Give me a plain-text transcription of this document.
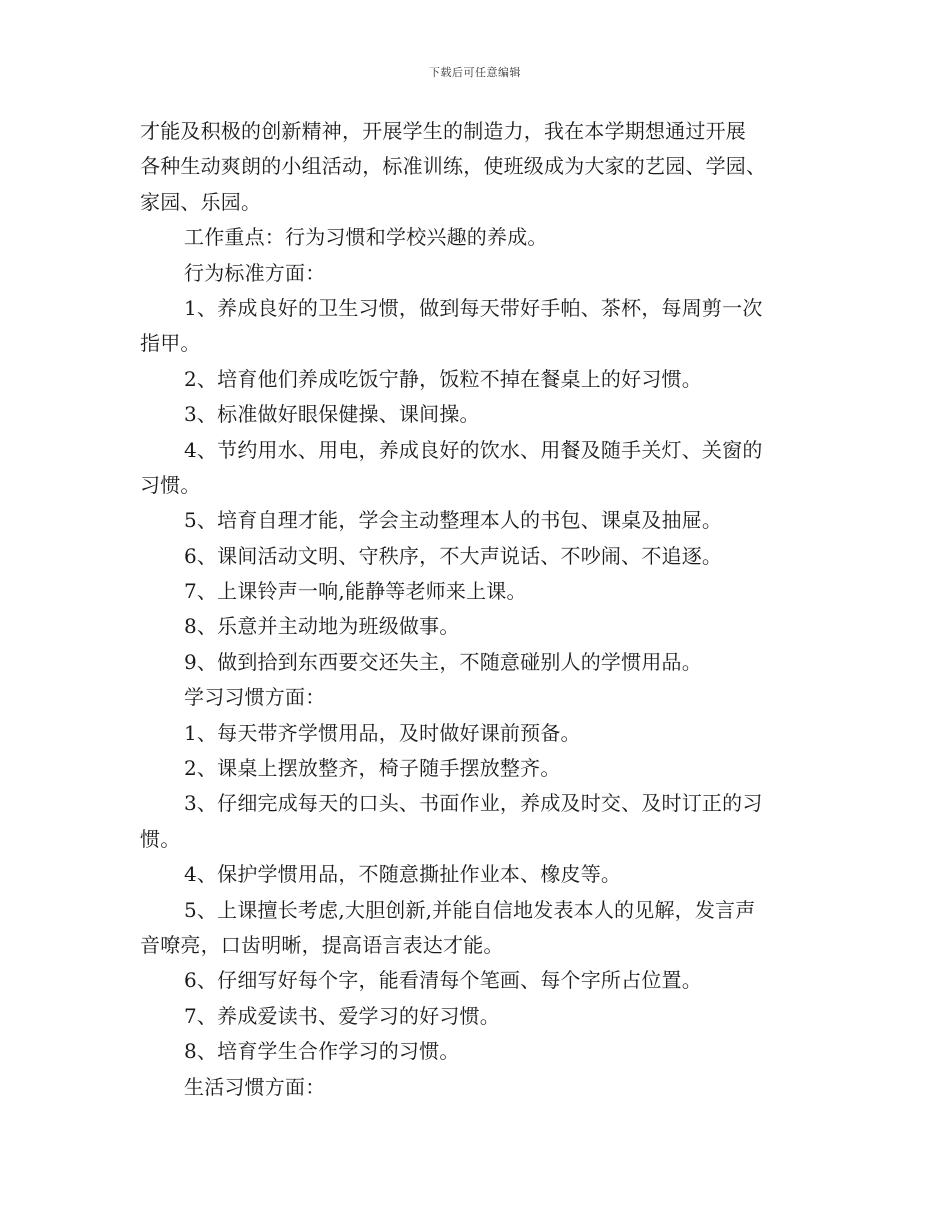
下载后可任意编辑
才能及积极的创新精神，开展学生的制造力，我在本学期想通过开展
各种生动爽朗的小组活动，标准训练，使班级成为大家的艺园、学园、
家园、乐园。
工作重点：行为习惯和学校兴趣的养成。
行为标准方面：
1、养成良好的卫生习惯，做到每天带好手帕、茶杯，每周剪一次
指甲。
2、培育他们养成吃饭宁静，饭粒不掉在餐桌上的好习惯。
3、标准做好眼保健操、课间操。
4、节约用水、用电，养成良好的饮水、用餐及随手关灯、关窗的
习惯。
5、培育自理才能，学会主动整理本人的书包、课桌及抽屉。
6、课间活动文明、守秩序，不大声说话、不吵闹、不追逐。
7、上课铃声一响,能静等老师来上课。
8、乐意并主动地为班级做事。
9、做到拾到东西要交还失主，不随意碰别人的学惯用品。
学习习惯方面：
1、每天带齐学惯用品，及时做好课前预备。
2、课桌上摆放整齐，椅子随手摆放整齐。
3、仔细完成每天的口头、书面作业，养成及时交、及时订正的习
惯。
4、保护学惯用品，不随意撕扯作业本、橡皮等。
5、上课擅长考虑,大胆创新,并能自信地发表本人的见解，发言声
音嘹亮，口齿明晰，提高语言表达才能。
6、仔细写好每个字，能看清每个笔画、每个字所占位置。
7、养成爱读书、爱学习的好习惯。
8、培育学生合作学习的习惯。
生活习惯方面：
